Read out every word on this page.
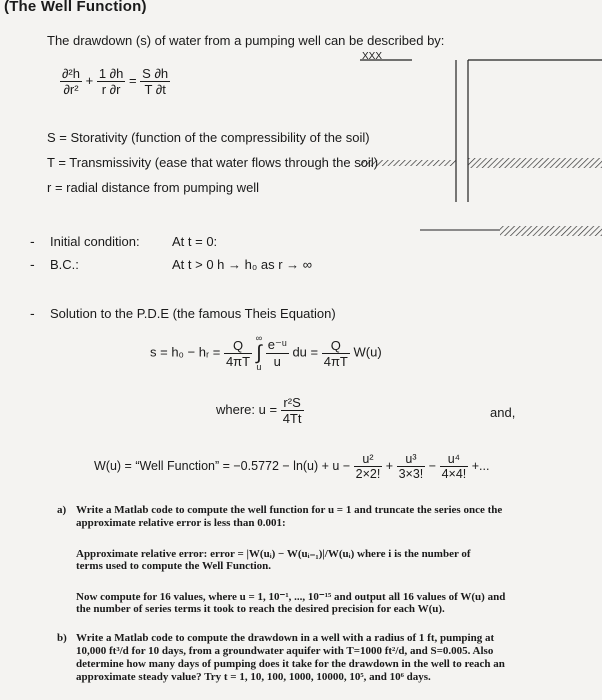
(The Well Function)
The drawdown (s) of water from a pumping well can be described by:
$\frac{\text{∂²h}}{\text{∂r²}} + \frac{1 \partial h}{r \partial r} = \frac{S \partial h}{T \partial t}$
XXX
S = Storativity (function of the compressibility of the soil)
T = Transmissivity (ease that water flows through the soil)
r = radial distance from pumping well
- Initial condition: At t = 0:
- B.C.:	At t > 0 h → h₀ as r → ∞
- Solution to the P.D.E (the famous Theis Equation)
s = h₀ − hᵣ = $\frac{Q}{4\pi T}$
∞
∫
u
$\frac{\text{e⁻ᵘ}}{u}$ du = $\frac{Q}{4\pi T} W(u)$
where: $u = \frac{\text{r²S}}{4Tt}$	and,
W(u) = “Well Function” = $-0.5772 - \ln(u) + u - \frac{\text{u²}}{2\times 2!} + \frac{\text{u³}}{3\times 3!} - \frac{\text{u⁴}}{4\times 4!}$ +...
a) Write a Matlab code to compute the well function for u = 1 and truncate the series once the
approximate relative error is less than 0.001:
Approximate relative error: error = |W(uᵢ) − W(uᵢ₋₁)|/W(uᵢ) where i is the number of
terms used to compute the Well Function.
Now compute for 16 values, where u = 1, 10⁻¹, ..., 10⁻¹⁵ and output all 16 values of W(u) and
the number of series terms it took to reach the desired precision for each W(u).
b) Write a Matlab code to compute the drawdown in a well with a radius of 1 ft, pumping at
10,000 ft³/d for 10 days, from a groundwater aquifer with T=1000 ft²/d, and S=0.005. Also
determine how many days of pumping does it take for the drawdown in the well to reach an
approximate steady value? Try t = 1, 10, 100, 1000, 10000, 10⁵, and 10⁶ days.
